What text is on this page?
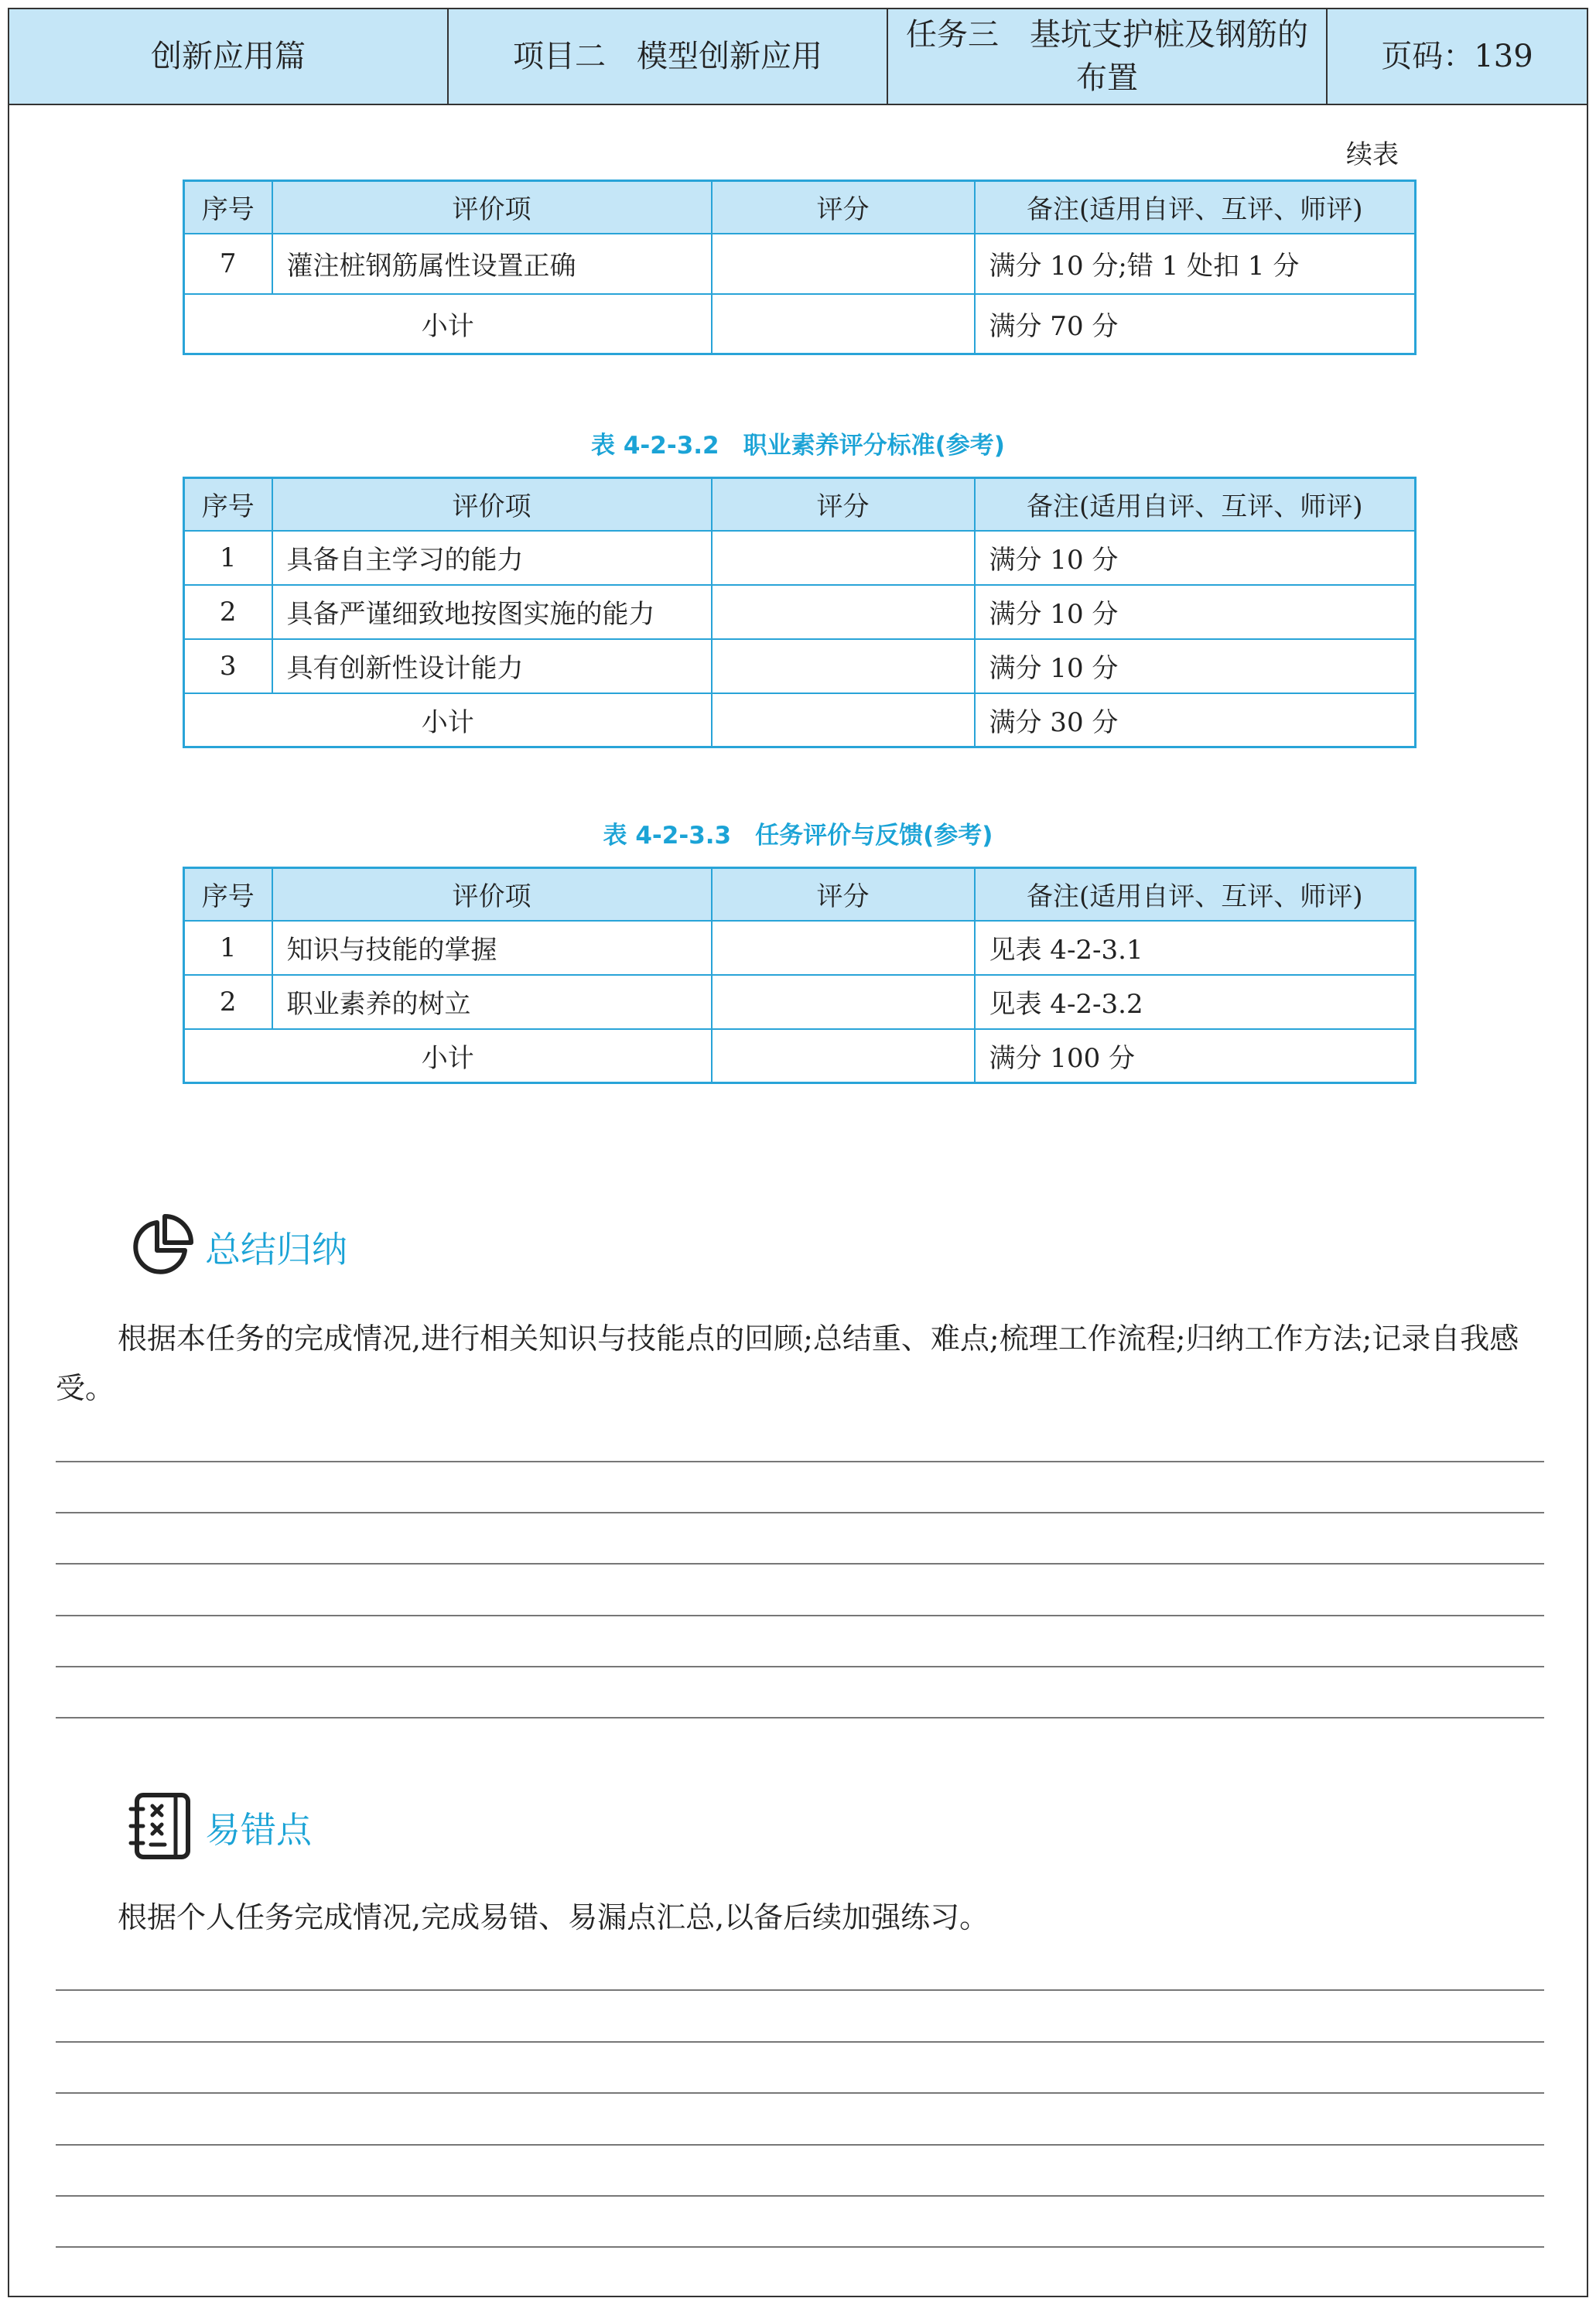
创新应用篇	项目二　模型创新应用
任务三　基坑支护桩及钢筋的布置
页码：139
续表
序号	评价项	评分	备注(适用自评、互评、师评)
7	灌注桩钢筋属性设置正确		满分 10 分;错 1 处扣 1 分
小计			满分 70 分
表 4-2-3.2　职业素养评分标准(参考)
序号	评价项	评分	备注(适用自评、互评、师评)
1	具备自主学习的能力		满分 10 分
2	具备严谨细致地按图实施的能力		满分 10 分
3	具有创新性设计能力		满分 10 分
小计			满分 30 分
表 4-2-3.3　任务评价与反馈(参考)
序号	评价项	评分	备注(适用自评、互评、师评)
1	知识与技能的掌握		见表 4-2-3.1
2	职业素养的树立		见表 4-2-3.2
小计			满分 100 分
总结归纳
根据本任务的完成情况,进行相关知识与技能点的回顾;总结重、难点;梳理工作流程;归纳工作方法;记录自我感受。
易错点
根据个人任务完成情况,完成易错、易漏点汇总,以备后续加强练习。
